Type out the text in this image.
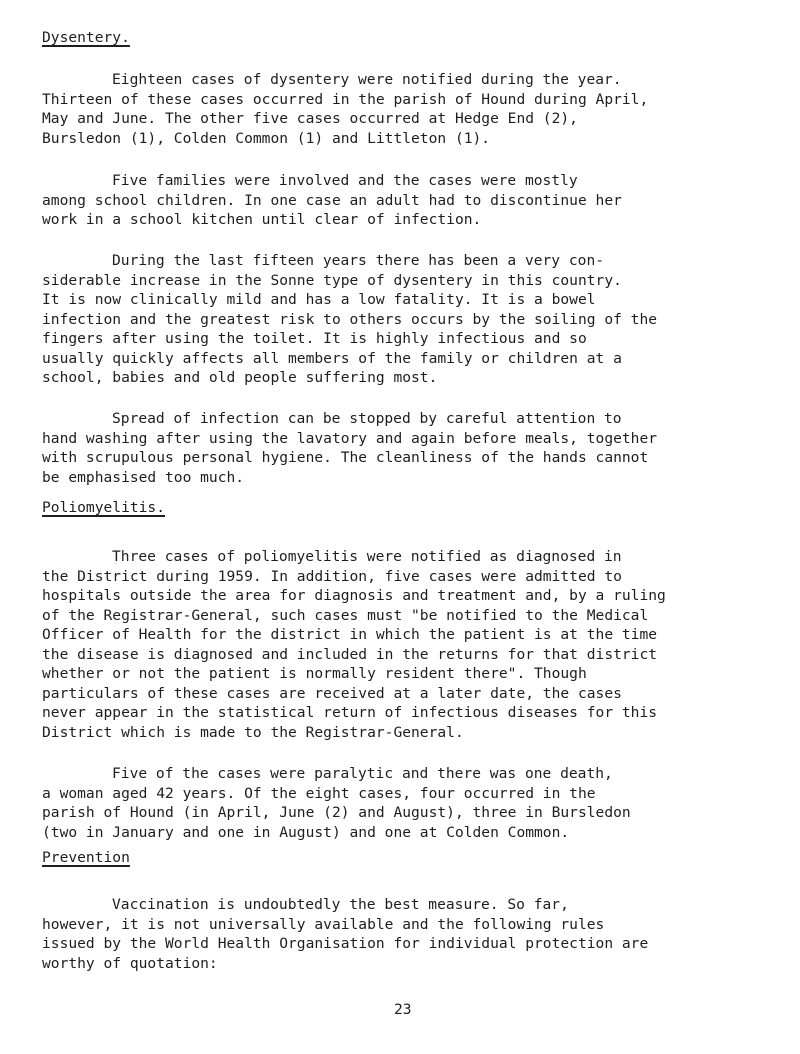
Dysentery.
Eighteen cases of dysentery were notified during the year.
Thirteen of these cases occurred in the parish of Hound during April,
May and June. The other five cases occurred at Hedge End (2),
Bursledon (1), Colden Common (1) and Littleton (1).
Five families were involved and the cases were mostly
among school children. In one case an adult had to discontinue her
work in a school kitchen until clear of infection.
During the last fifteen years there has been a very con-
siderable increase in the Sonne type of dysentery in this country.
It is now clinically mild and has a low fatality. It is a bowel
infection and the greatest risk to others occurs by the soiling of the
fingers after using the toilet. It is highly infectious and so
usually quickly affects all members of the family or children at a
school, babies and old people suffering most.
Spread of infection can be stopped by careful attention to
hand washing after using the lavatory and again before meals, together
with scrupulous personal hygiene. The cleanliness of the hands cannot
be emphasised too much.
Poliomyelitis.
Three cases of poliomyelitis were notified as diagnosed in
the District during 1959. In addition, five cases were admitted to
hospitals outside the area for diagnosis and treatment and, by a ruling
of the Registrar-General, such cases must "be notified to the Medical
Officer of Health for the district in which the patient is at the time
the disease is diagnosed and included in the returns for that district
whether or not the patient is normally resident there". Though
particulars of these cases are received at a later date, the cases
never appear in the statistical return of infectious diseases for this
District which is made to the Registrar-General.
Five of the cases were paralytic and there was one death,
a woman aged 42 years. Of the eight cases, four occurred in the
parish of Hound (in April, June (2) and August), three in Bursledon
(two in January and one in August) and one at Colden Common.
Prevention
Vaccination is undoubtedly the best measure. So far,
however, it is not universally available and the following rules
issued by the World Health Organisation for individual protection are
worthy of quotation:
23
